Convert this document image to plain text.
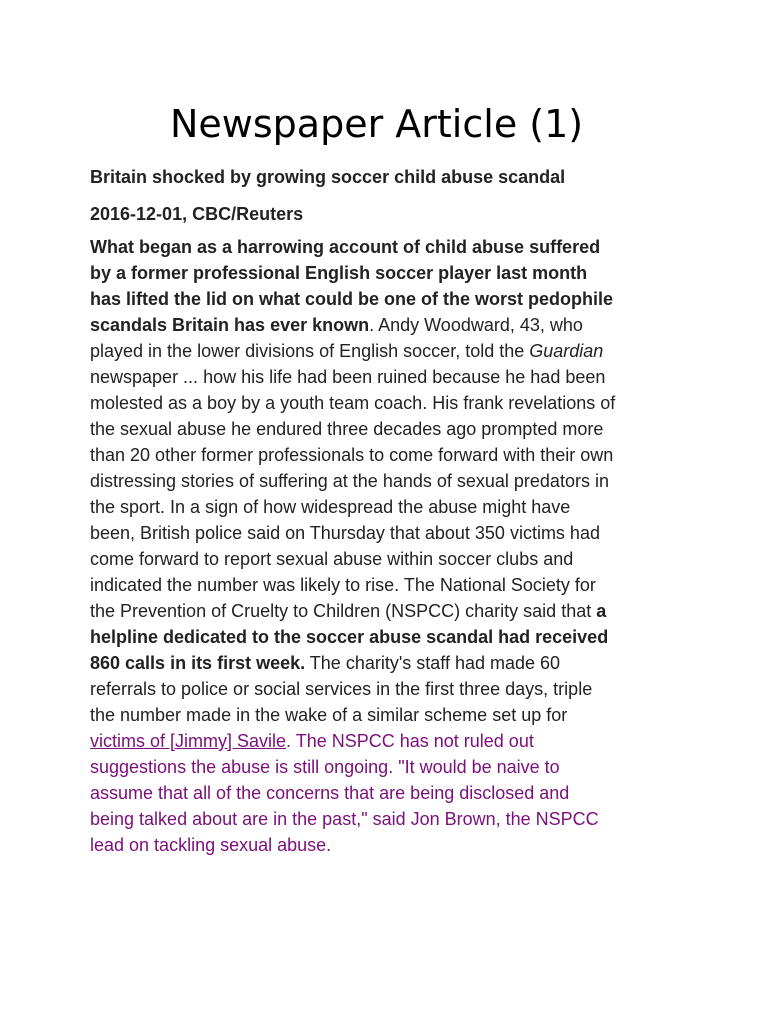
Newspaper Article (1)

Britain shocked by growing soccer child abuse scandal

2016-12-01, CBC/Reuters

What began as a harrowing account of child abuse suffered
by a former professional English soccer player last month
has lifted the lid on what could be one of the worst pedophile
scandals Britain has ever known. Andy Woodward, 43, who
played in the lower divisions of English soccer, told the Guardian
newspaper ... how his life had been ruined because he had been
molested as a boy by a youth team coach. His frank revelations of
the sexual abuse he endured three decades ago prompted more
than 20 other former professionals to come forward with their own
distressing stories of suffering at the hands of sexual predators in
the sport. In a sign of how widespread the abuse might have
been, British police said on Thursday that about 350 victims had
come forward to report sexual abuse within soccer clubs and
indicated the number was likely to rise. The National Society for
the Prevention of Cruelty to Children (NSPCC) charity said that a
helpline dedicated to the soccer abuse scandal had received
860 calls in its first week. The charity's staff had made 60
referrals to police or social services in the first three days, triple
the number made in the wake of a similar scheme set up for
victims of [Jimmy] Savile. The NSPCC has not ruled out
suggestions the abuse is still ongoing. "It would be naive to
assume that all of the concerns that are being disclosed and
being talked about are in the past," said Jon Brown, the NSPCC
lead on tackling sexual abuse.
